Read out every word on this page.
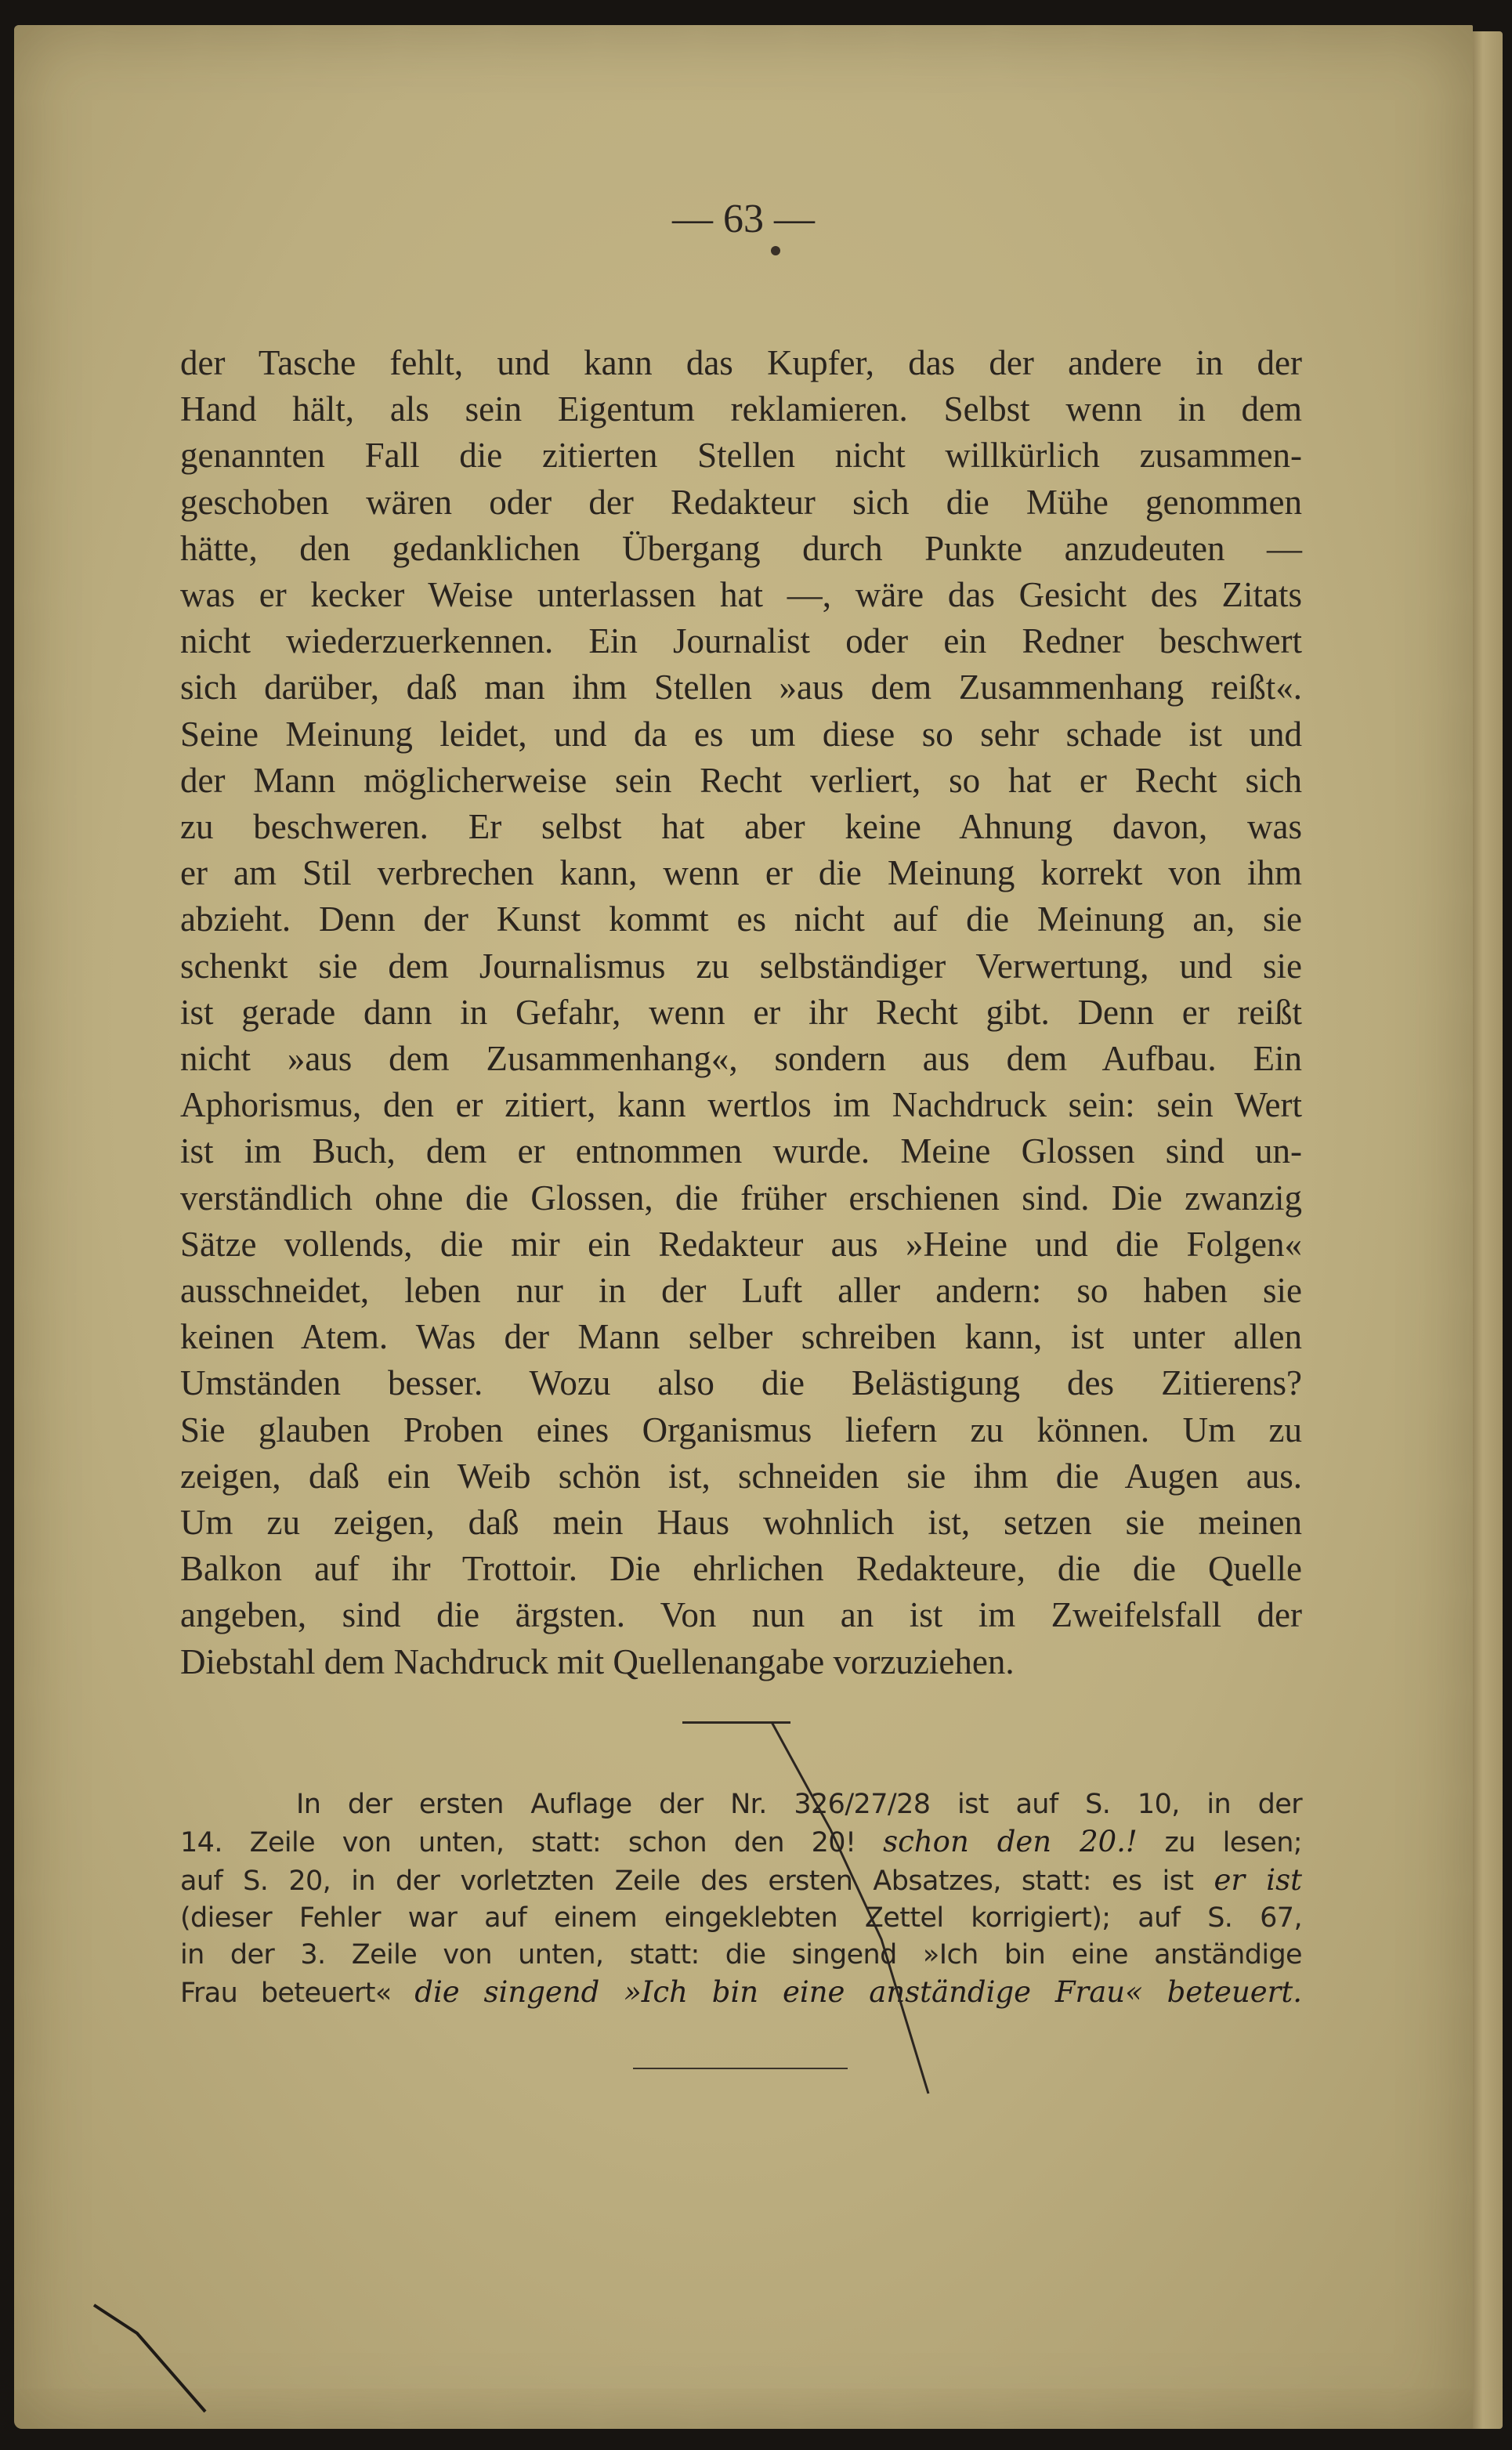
— 63 —
der Tasche fehlt, und kann das Kupfer, das der andere in der
Hand hält, als sein Eigentum reklamieren. Selbst wenn in dem
genannten Fall die zitierten Stellen nicht willkürlich zusammen-
geschoben wären oder der Redakteur sich die Mühe genommen
hätte, den gedanklichen Übergang durch Punkte anzudeuten —
was er kecker Weise unterlassen hat —, wäre das Gesicht des Zitats
nicht wiederzuerkennen. Ein Journalist oder ein Redner beschwert
sich darüber, daß man ihm Stellen »aus dem Zusammenhang reißt«.
Seine Meinung leidet, und da es um diese so sehr schade ist und
der Mann möglicherweise sein Recht verliert, so hat er Recht sich
zu beschweren. Er selbst hat aber keine Ahnung davon, was
er am Stil verbrechen kann, wenn er die Meinung korrekt von ihm
abzieht. Denn der Kunst kommt es nicht auf die Meinung an, sie
schenkt sie dem Journalismus zu selbständiger Verwertung, und sie
ist gerade dann in Gefahr, wenn er ihr Recht gibt. Denn er reißt
nicht »aus dem Zusammenhang«, sondern aus dem Aufbau. Ein
Aphorismus, den er zitiert, kann wertlos im Nachdruck sein: sein Wert
ist im Buch, dem er entnommen wurde. Meine Glossen sind un-
verständlich ohne die Glossen, die früher erschienen sind. Die zwanzig
Sätze vollends, die mir ein Redakteur aus »Heine und die Folgen«
ausschneidet, leben nur in der Luft aller andern: so haben sie
keinen Atem. Was der Mann selber schreiben kann, ist unter allen
Umständen besser. Wozu also die Belästigung des Zitierens?
Sie glauben Proben eines Organismus liefern zu können. Um zu
zeigen, daß ein Weib schön ist, schneiden sie ihm die Augen aus.
Um zu zeigen, daß mein Haus wohnlich ist, setzen sie meinen
Balkon auf ihr Trottoir. Die ehrlichen Redakteure, die die Quelle
angeben, sind die ärgsten. Von nun an ist im Zweifelsfall der
Diebstahl dem Nachdruck mit Quellenangabe vorzuziehen.
In der ersten Auflage der Nr. 326/27/28 ist auf S. 10, in der
14. Zeile von unten, statt: schon den 20! schon den 20.! zu lesen;
auf S. 20, in der vorletzten Zeile des ersten Absatzes, statt: es ist er ist
(dieser Fehler war auf einem eingeklebten Zettel korrigiert); auf S. 67,
in der 3. Zeile von unten, statt: die singend »Ich bin eine anständige
Frau beteuert« die singend »Ich bin eine anständige Frau« beteuert.
